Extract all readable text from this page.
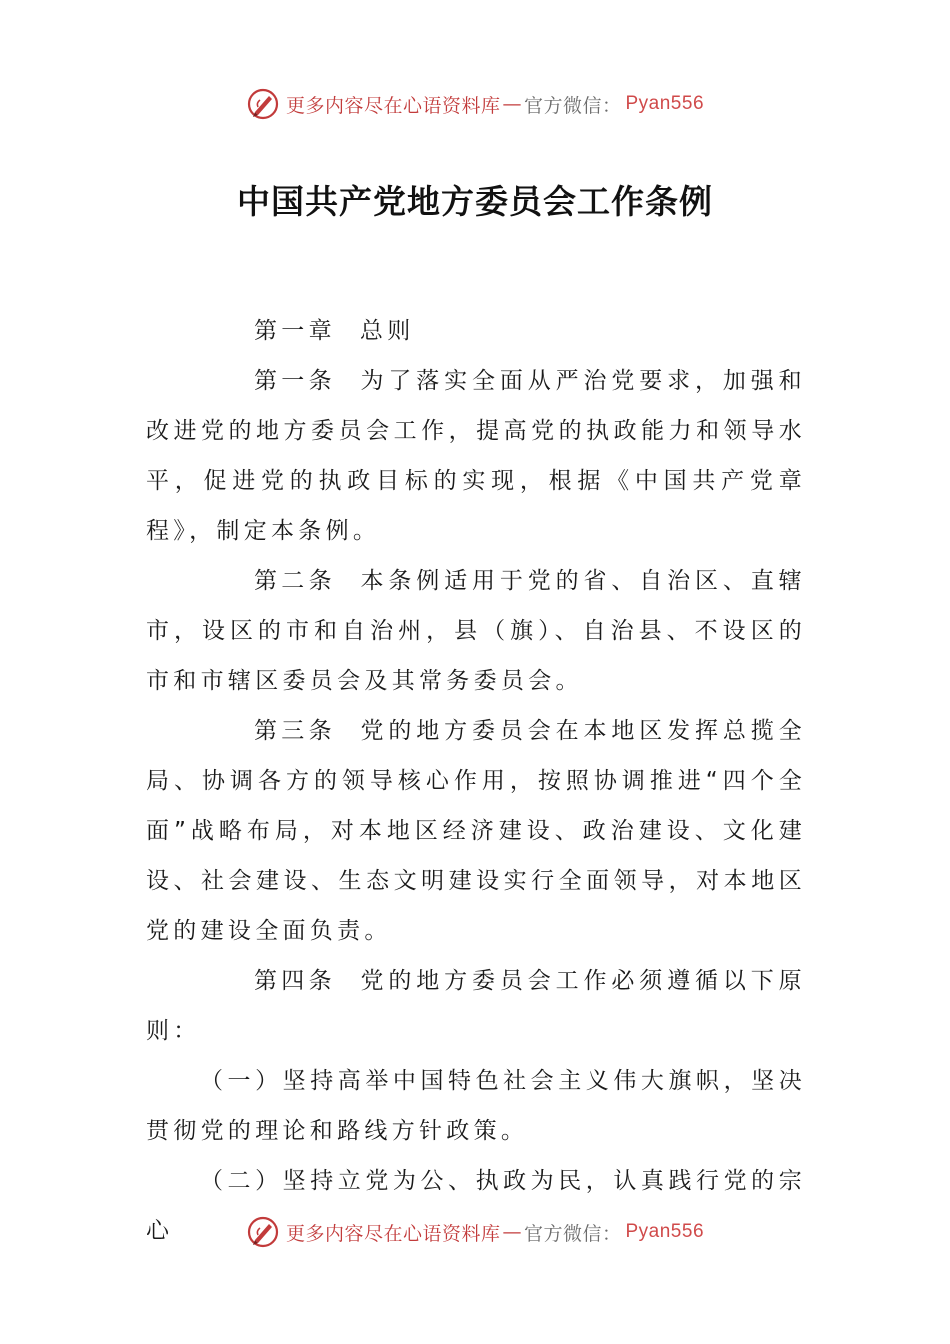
更多内容尽在心语资料库 — 官方微信： Pyan556
中国共产党地方委员会工作条例

第一章 总则

第一条 为了落实全面从严治党要求，加强和改进党的地方委员会工作，提高党的执政能力和领导水平，促进党的执政目标的实现，根据《中国共产党章程》，制定本条例。

第二条 本条例适用于党的省、自治区、直辖市，设区的市和自治州，县（旗）、自治县、不设区的市和市辖区委员会及其常务委员会。

第三条 党的地方委员会在本地区发挥总揽全局、协调各方的领导核心作用，按照协调推进“四个全面”战略布局，对本地区经济建设、政治建设、文化建设、社会建设、生态文明建设实行全面领导，对本地区党的建设全面负责。

第四条 党的地方委员会工作必须遵循以下原则：

（一）坚持高举中国特色社会主义伟大旗帜，坚决贯彻党的理论和路线方针政策。

（二）坚持立党为公、执政为民，认真践行党的宗心	更多内容尽在心语资料库 — 官方微信： Pyan556
